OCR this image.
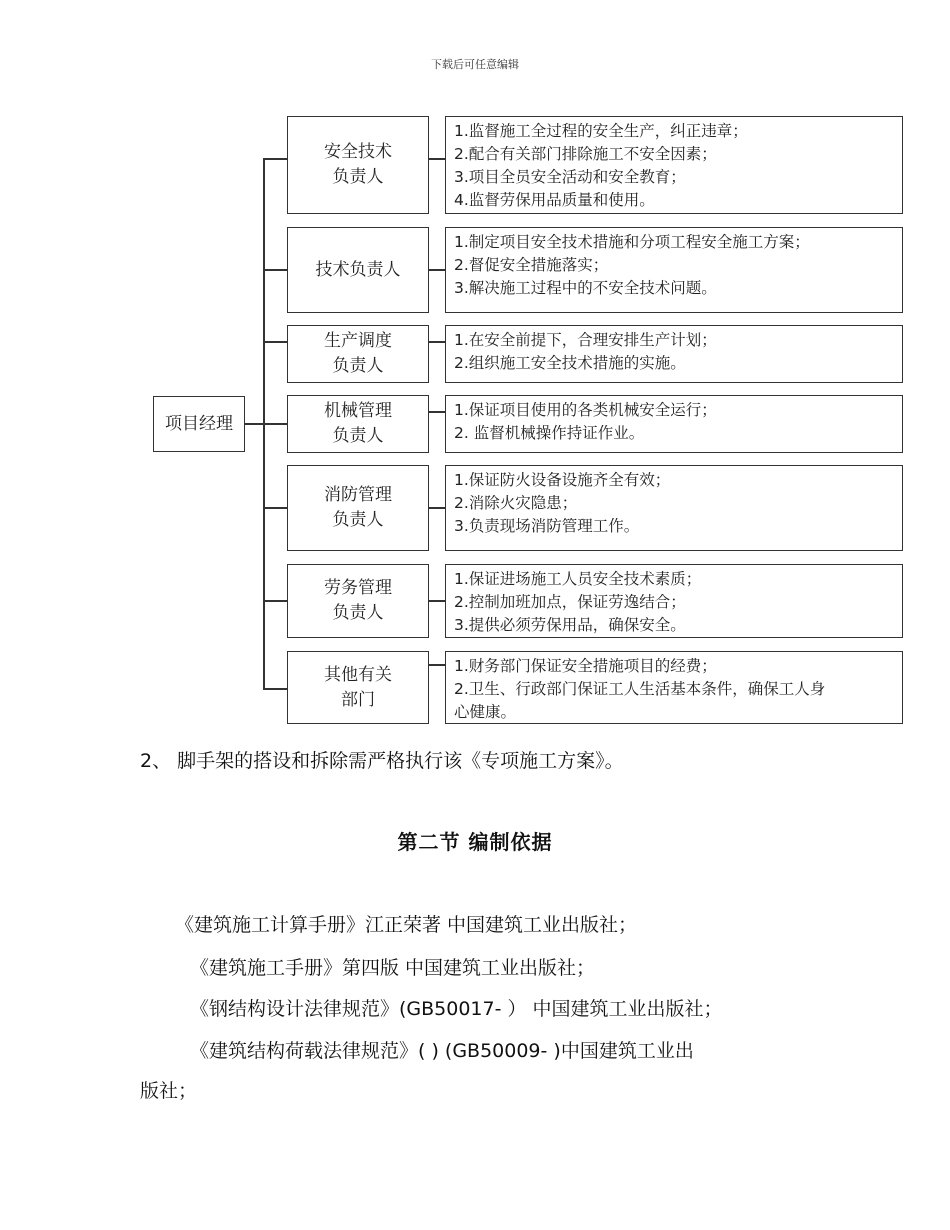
下载后可任意编辑
项目经理
安全技术
负责人
1.监督施工全过程的安全生产，纠正违章；
2.配合有关部门排除施工不安全因素；
3.项目全员安全活动和安全教育；
4.监督劳保用品质量和使用。
技术负责人
1.制定项目安全技术措施和分项工程安全施工方案；
2.督促安全措施落实；
3.解决施工过程中的不安全技术问题。
生产调度
负责人
1.在安全前提下，合理安排生产计划；
2.组织施工安全技术措施的实施。
机械管理
负责人
1.保证项目使用的各类机械安全运行；
2. 监督机械操作持证作业。
消防管理
负责人
1.保证防火设备设施齐全有效；
2.消除火灾隐患；
3.负责现场消防管理工作。
劳务管理
负责人
1.保证进场施工人员安全技术素质；
2.控制加班加点，保证劳逸结合；
3.提供必须劳保用品，确保安全。
其他有关
部门
1.财务部门保证安全措施项目的经费；
2.卫生、行政部门保证工人生活基本条件，确保工人身
心健康。
2、 脚手架的搭设和拆除需严格执行该《专项施工方案》。
第二节 编制依据
《建筑施工计算手册》江正荣著 中国建筑工业出版社；
《建筑施工手册》第四版 中国建筑工业出版社；
《钢结构设计法律规范》(GB50017- ） 中国建筑工业出版社；
《建筑结构荷载法律规范》( ) (GB50009- )中国建筑工业出
版社；
